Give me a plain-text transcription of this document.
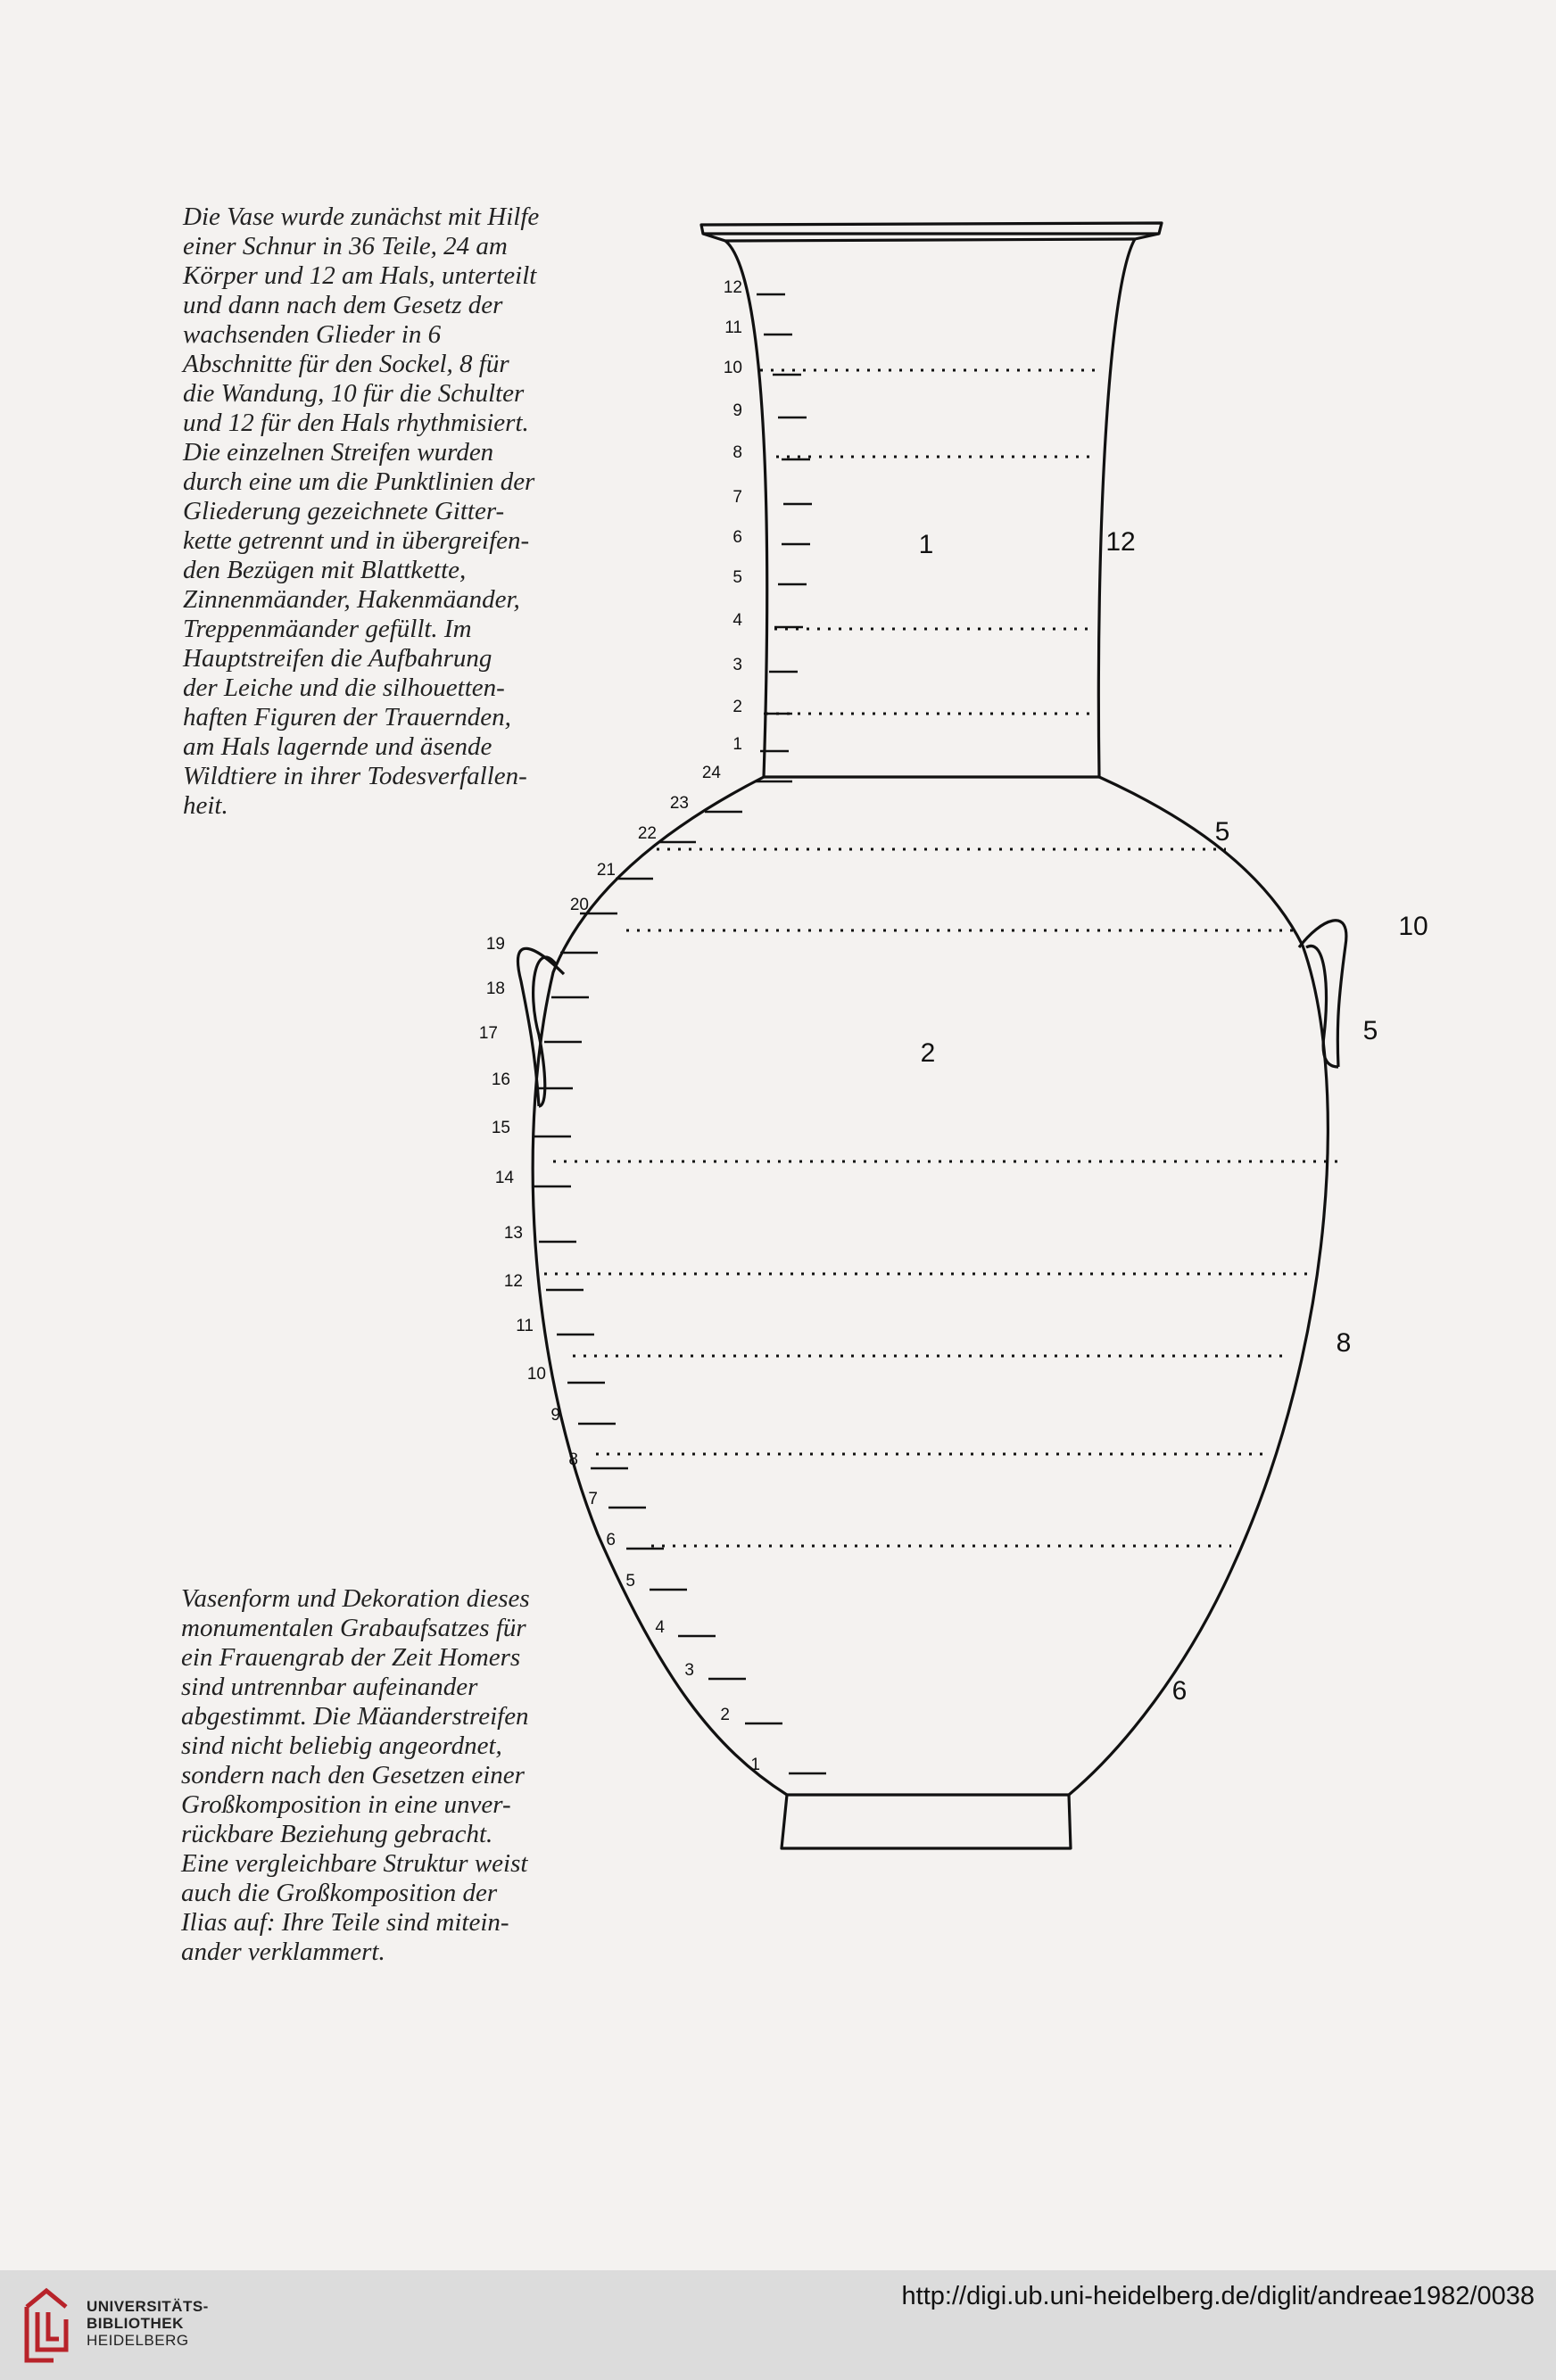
Die Vase wurde zunächst mit Hilfe
einer Schnur in 36 Teile, 24 am
Körper und 12 am Hals, unterteilt
und dann nach dem Gesetz der
wachsenden Glieder in 6
Abschnitte für den Sockel, 8 für
die Wandung, 10 für die Schulter
und 12 für den Hals rhythmisiert.
Die einzelnen Streifen wurden
durch eine um die Punktlinien der
Gliederung gezeichnete Gitter-
kette getrennt und in übergreifen-
den Bezügen mit Blattkette,
Zinnenmäander, Hakenmäander,
Treppenmäander gefüllt. Im
Hauptstreifen die Aufbahrung
der Leiche und die silhouetten-
haften Figuren der Trauernden,
am Hals lagernde und äsende
Wildtiere in ihrer Todesverfallen-
heit.
1
2
3
4
5
6
7
8
9
10
11
12
1
2
3
4
5
6
7
8
9
10
11
12
13
14
15
16
17
18
19
20
21
22
23
24
1	12
5
10
5
2
8
6
Vasenform und Dekoration dieses
monumentalen Grabaufsatzes für
ein Frauengrab der Zeit Homers
sind untrennbar aufeinander
abgestimmt. Die Mäanderstreifen
sind nicht beliebig angeordnet,
sondern nach den Gesetzen einer
Großkomposition in eine unver-
rückbare Beziehung gebracht.
Eine vergleichbare Struktur weist
auch die Großkomposition der
Ilias auf: Ihre Teile sind mitein-
ander verklammert.
UNIVERSITÄTS-
BIBLIOTHEK
HEIDELBERG
http://digi.ub.uni-heidelberg.de/diglit/andreae1982/0038
